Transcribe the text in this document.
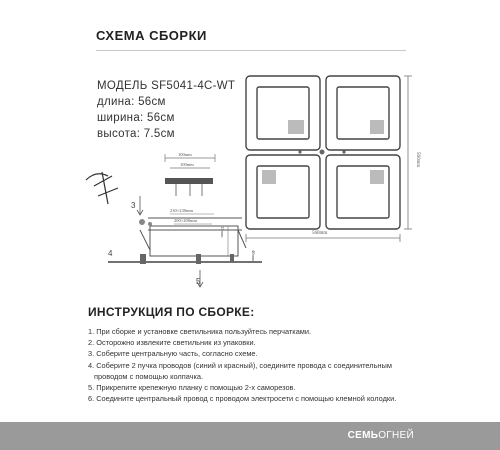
СХЕМА СБОРКИ
МОДЕЛЬ SF5041-4C-WT
длина: 56см
ширина: 56см
высота: 7.5см
560mm
560mm
100mm
100mm
230×230mm
200×200mm
35mm
40mm
3
4
5
ИНСТРУКЦИЯ ПО СБОРКЕ:
1. При сборке и установке светильника пользуйтесь перчатками.
2. Осторожно извлеките светильник из упаковки.
3. Соберите центральную часть, согласно схеме.
4. Соберите 2 пучка проводов (синий и красный), соедините провода с соединительным
проводом с помощью колпачка.
5. Прикрепите крепежную планку с помощью 2-х саморезов.
6. Соедините центральный провод с проводом электросети с помощью клемной колодки.
СЕМЬОГНЕЙ
